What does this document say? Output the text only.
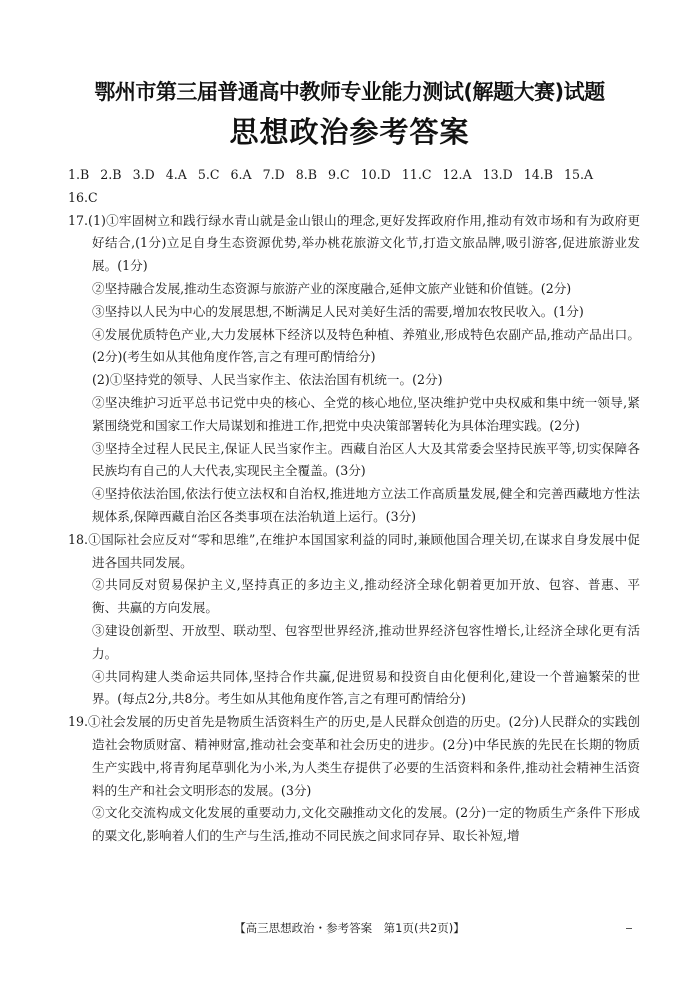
鄂州市第三届普通高中教师专业能力测试(解题大赛)试题
思想政治参考答案

1.B 2.B 3.D 4.A 5.C 6.A 7.D 8.B 9.C 10.D 11.C 12.A 13.D 14.B 15.A
16.C

17.(1)①牢固树立和践行绿水青山就是金山银山的理念,更好发挥政府作用,推动有效市场和有为政府更好结合,(1分)立足自身生态资源优势,举办桃花旅游文化节,打造文旅品牌,吸引游客,促进旅游业发展。(1分)

②坚持融合发展,推动生态资源与旅游产业的深度融合,延伸文旅产业链和价值链。(2分)

③坚持以人民为中心的发展思想,不断满足人民对美好生活的需要,增加农牧民收入。(1分)

④发展优质特色产业,大力发展林下经济以及特色种植、养殖业,形成特色农副产品,推动产品出口。(2分)(考生如从其他角度作答,言之有理可酌情给分)

(2)①坚持党的领导、人民当家作主、依法治国有机统一。(2分)

②坚决维护习近平总书记党中央的核心、全党的核心地位,坚决维护党中央权威和集中统一领导,紧紧围绕党和国家工作大局谋划和推进工作,把党中央决策部署转化为具体治理实践。(2分)

③坚持全过程人民民主,保证人民当家作主。西藏自治区人大及其常委会坚持民族平等,切实保障各民族均有自己的人大代表,实现民主全覆盖。(3分)

④坚持依法治国,依法行使立法权和自治权,推进地方立法工作高质量发展,健全和完善西藏地方性法规体系,保障西藏自治区各类事项在法治轨道上运行。(3分)

18.①国际社会应反对“零和思维”,在维护本国国家利益的同时,兼顾他国合理关切,在谋求自身发展中促进各国共同发展。

②共同反对贸易保护主义,坚持真正的多边主义,推动经济全球化朝着更加开放、包容、普惠、平衡、共赢的方向发展。

③建设创新型、开放型、联动型、包容型世界经济,推动世界经济包容性增长,让经济全球化更有活力。

④共同构建人类命运共同体,坚持合作共赢,促进贸易和投资自由化便利化,建设一个普遍繁荣的世界。(每点2分,共8分。考生如从其他角度作答,言之有理可酌情给分)

19.①社会发展的历史首先是物质生活资料生产的历史,是人民群众创造的历史。(2分)人民群众的实践创造社会物质财富、精神财富,推动社会变革和社会历史的进步。(2分)中华民族的先民在长期的物质生产实践中,将青狗尾草驯化为小米,为人类生存提供了必要的生活资料和条件,推动社会精神生活资料的生产和社会文明形态的发展。(3分)

②文化交流构成文化发展的重要动力,文化交融推动文化的发展。(2分)一定的物质生产条件下形成的粟文化,影响着人们的生产与生活,推动不同民族之间求同存异、取长补短,增

【高三思想政治・参考答案　第1页(共2页)】
